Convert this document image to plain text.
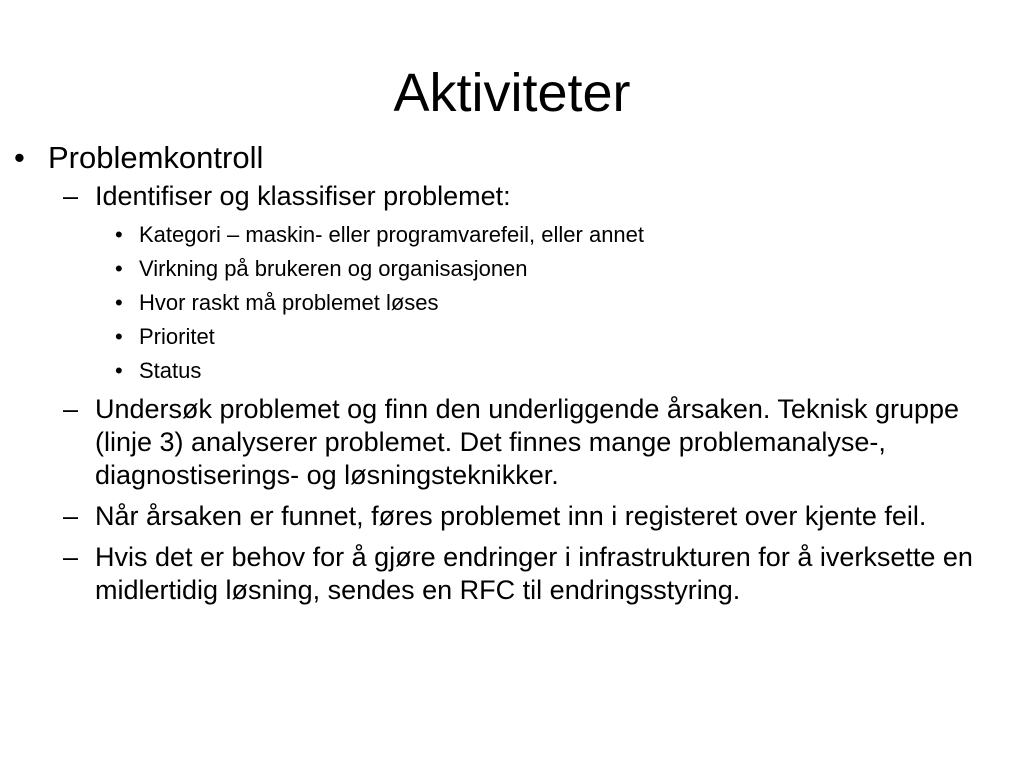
Aktiviteter
• Problemkontroll
– Identifiser og klassifiser problemet:
• Kategori – maskin- eller programvarefeil, eller annet
• Virkning på brukeren og organisasjonen
• Hvor raskt må problemet løses
• Prioritet
• Status
– Undersøk problemet og finn den underliggende årsaken. Teknisk gruppe (linje 3) analyserer problemet. Det finnes mange problemanalyse-, diagnostiserings- og løsningsteknikker.
– Når årsaken er funnet, føres problemet inn i registeret over kjente feil.
– Hvis det er behov for å gjøre endringer i infrastrukturen for å iverksette en midlertidig løsning, sendes en RFC til endringsstyring.
